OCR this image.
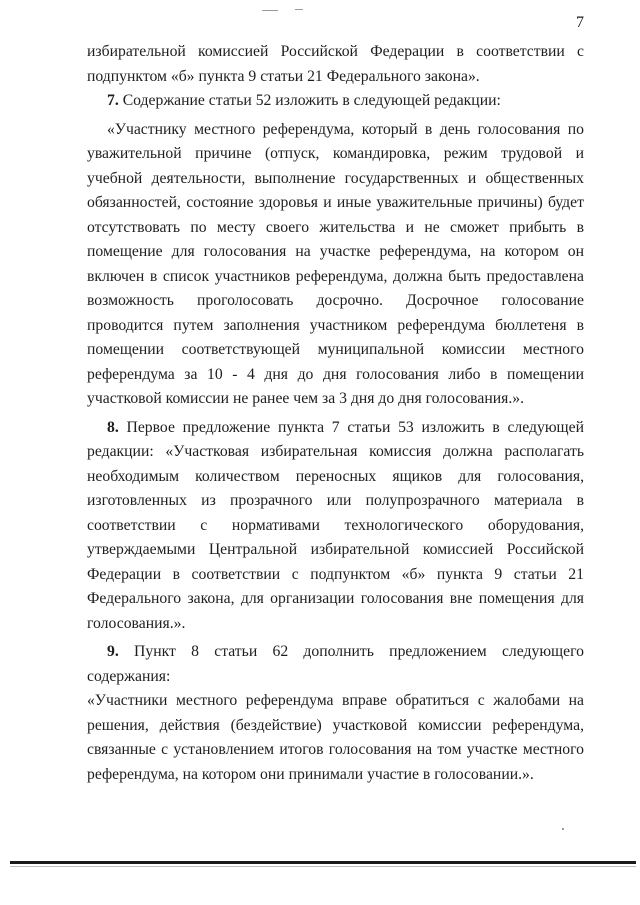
7

избирательной комиссией Российской Федерации в соответствии с подпунктом «б» пункта 9 статьи 21 Федерального закона».

7. Содержание статьи 52 изложить в следующей редакции:

«Участнику местного референдума, который в день голосования по уважительной причине (отпуск, командировка, режим трудовой и учебной деятельности, выполнение государственных и общественных обязанностей, состояние здоровья и иные уважительные причины) будет отсутствовать по месту своего жительства и не сможет прибыть в помещение для голосования на участке референдума, на котором он включен в список участников референдума, должна быть предоставлена возможность проголосовать досрочно. Досрочное голосование проводится путем заполнения участником референдума бюллетеня в помещении соответствующей муниципальной комиссии местного референдума за 10 - 4 дня до дня голосования либо в помещении участковой комиссии не ранее чем за 3 дня до дня голосования.».

8. Первое предложение пункта 7 статьи 53 изложить в следующей редакции: «Участковая избирательная комиссия должна располагать необходимым количеством переносных ящиков для голосования, изготовленных из прозрачного или полупрозрачного материала в соответствии с нормативами технологического оборудования, утверждаемыми Центральной избирательной комиссией Российской Федерации в соответствии с подпунктом «б» пункта 9 статьи 21 Федерального закона, для организации голосования вне помещения для голосования.».

9. Пункт 8 статьи 62 дополнить предложением следующего содержания:

«Участники местного референдума вправе обратиться с жалобами на решения, действия (бездействие) участковой комиссии референдума, связанные с установлением итогов голосования на том участке местного референдума, на котором они принимали участие в голосовании.».
